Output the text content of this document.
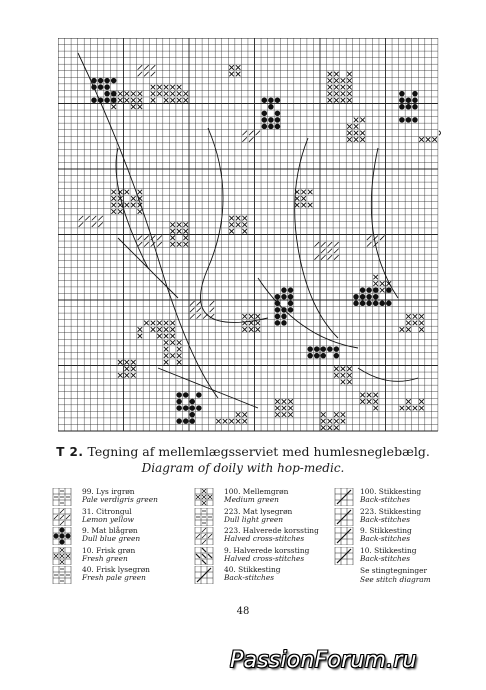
T 2. Tegning af mellemlægsserviet med humlesneglebælg.
Diagram of doily with hop-medic.
99. Lys irgrøn
Pale verdigris green
31. Citrongul
Lemon yellow
9. Mat blågrøn
Dull blue green
10. Frisk grøn
Fresh green
40. Frisk lysegrøn
Fresh pale green
100. Mellemgrøn
Medium green
223. Mat lysegrøn
Dull light green
223. Halverede korssting
Halved cross-stitches
9. Halverede korssting
Halved cross-stitches
40. Stikkesting
Back-stitches
100. Stikkesting
Back-stitches
223. Stikkesting
Back-stitches
9. Stikkesting
Back-stitches
10. Stikkesting
Back-stitches
Se stingtegninger
See stitch diagram
48
PassionForum.ru
